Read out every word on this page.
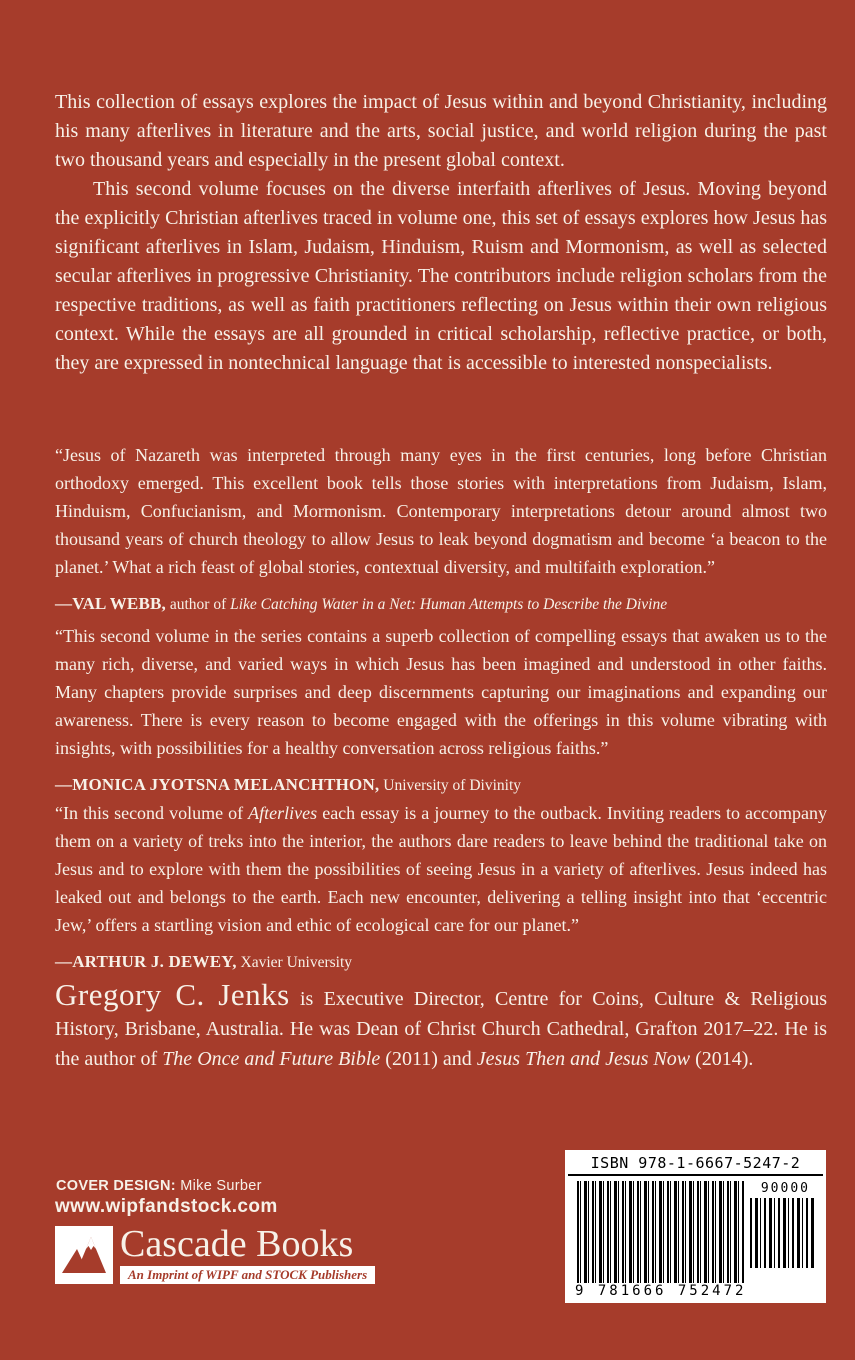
This collection of essays explores the impact of Jesus within and beyond Christianity, including his many afterlives in literature and the arts, social justice, and world religion during the past two thousand years and especially in the present global context.

This second volume focuses on the diverse interfaith afterlives of Jesus. Moving beyond the explicitly Christian afterlives traced in volume one, this set of essays explores how Jesus has significant afterlives in Islam, Judaism, Hinduism, Ruism and Mormonism, as well as selected secular afterlives in progressive Christianity. The contributors include religion scholars from the respective traditions, as well as faith practitioners reflecting on Jesus within their own religious context. While the essays are all grounded in critical scholarship, reflective practice, or both, they are expressed in nontechnical language that is accessible to interested nonspecialists.

“Jesus of Nazareth was interpreted through many eyes in the first centuries, long before Christian orthodoxy emerged. This excellent book tells those stories with interpretations from Judaism, Islam, Hinduism, Confucianism, and Mormonism. Contemporary interpretations detour around almost two thousand years of church theology to allow Jesus to leak beyond dogmatism and become ‘a beacon to the planet.’ What a rich feast of global stories, contextual diversity, and multifaith exploration.”

—VAL WEBB, author of Like Catching Water in a Net: Human Attempts to Describe the Divine

“This second volume in the series contains a superb collection of compelling essays that awaken us to the many rich, diverse, and varied ways in which Jesus has been imagined and understood in other faiths. Many chapters provide surprises and deep discernments capturing our imaginations and expanding our awareness. There is every reason to become engaged with the offerings in this volume vibrating with insights, with possibilities for a healthy conversation across religious faiths.”

—MONICA JYOTSNA MELANCHTHON, University of Divinity

“In this second volume of Afterlives each essay is a journey to the outback. Inviting readers to accompany them on a variety of treks into the interior, the authors dare readers to leave behind the traditional take on Jesus and to explore with them the possibilities of seeing Jesus in a variety of afterlives. Jesus indeed has leaked out and belongs to the earth. Each new encounter, delivering a telling insight into that ‘eccentric Jew,’ offers a startling vision and ethic of ecological care for our planet.”

—ARTHUR J. DEWEY, Xavier University

Gregory C. Jenks is Executive Director, Centre for Coins, Culture & Religious History, Brisbane, Australia. He was Dean of Christ Church Cathedral, Grafton 2017–22. He is the author of The Once and Future Bible (2011) and Jesus Then and Jesus Now (2014).

COVER DESIGN: Mike Surber

www.wipfandstock.com

Cascade Books
An Imprint of WIPF and STOCK Publishers
ISBN 978-1-6667-5247-2
90000
9 781666 752472
